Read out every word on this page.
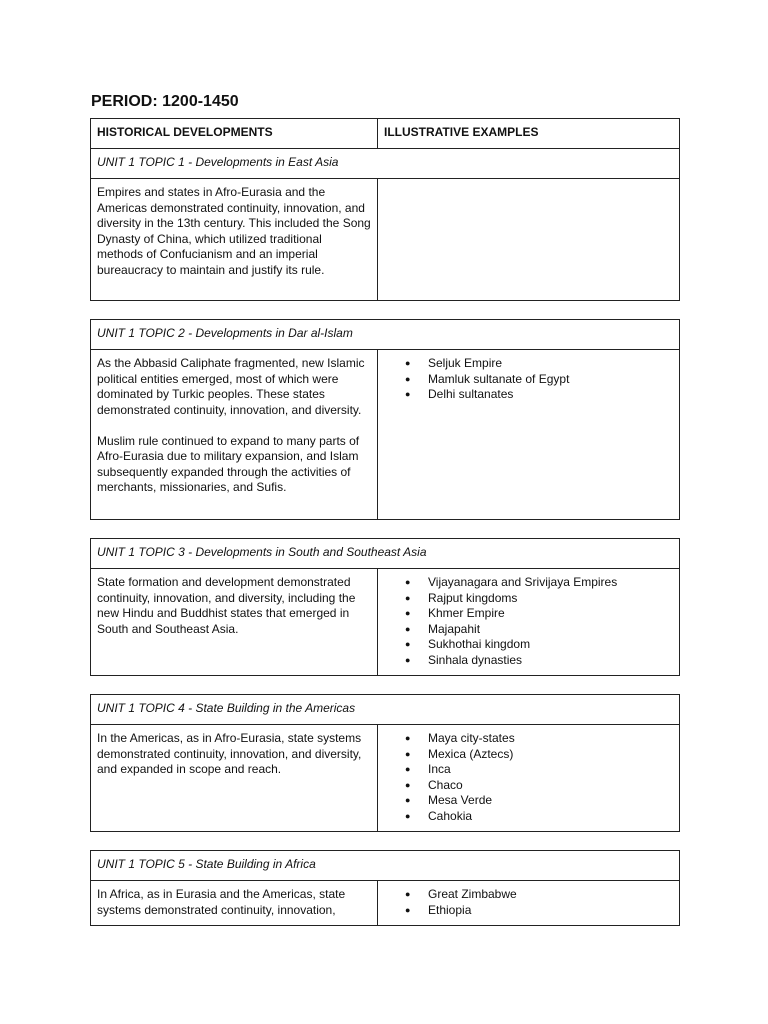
PERIOD: 1200-1450
HISTORICAL DEVELOPMENTS	ILLUSTRATIVE EXAMPLES
UNIT 1 TOPIC 1 - Developments in East Asia	

Empires and states in Afro-Eurasia and the Americas demonstrated continuity, innovation, and diversity in the 13th century. This included the Song Dynasty of China, which utilized traditional methods of Confucianism and an imperial bureaucracy to maintain and justify its rule.	

UNIT 1 TOPIC 2 - Developments in Dar al-Islam

As the Abbasid Caliphate fragmented, new Islamic political entities emerged, most of which were dominated by Turkic peoples. These states demonstrated continuity, innovation, and diversity.

Muslim rule continued to expand to many parts of Afro-Eurasia due to military expansion, and Islam subsequently expanded through the activities of merchants, missionaries, and Sufis.

● Seljuk Empire
● Mamluk sultanate of Egypt
● Delhi sultanates
UNIT 1 TOPIC 3 - Developments in South and Southeast Asia

State formation and development demonstrated continuity, innovation, and diversity, including the new Hindu and Buddhist states that emerged in South and Southeast Asia.

● Vijayanagara and Srivijaya Empires
● Rajput kingdoms
● Khmer Empire
● Majapahit
● Sukhothai kingdom
● Sinhala dynasties
UNIT 1 TOPIC 4 - State Building in the Americas

In the Americas, as in Afro-Eurasia, state systems demonstrated continuity, innovation, and diversity, and expanded in scope and reach.

● Maya city-states
● Mexica (Aztecs)
● Inca
● Chaco
● Mesa Verde
● Cahokia
UNIT 1 TOPIC 5 - State Building in Africa

In Africa, as in Eurasia and the Americas, state systems demonstrated continuity, innovation,

● Great Zimbabwe
● Ethiopia
